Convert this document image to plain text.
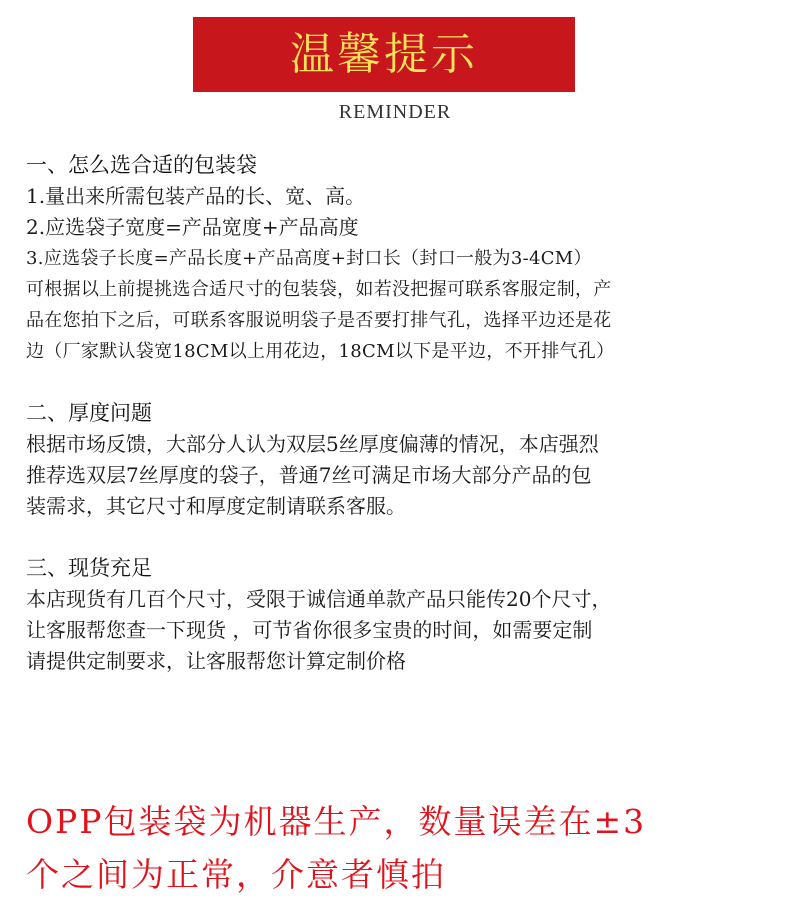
温馨提示
REMINDER
一、怎么选合适的包装袋
1.量出来所需包装产品的长、宽、高。
2.应选袋子宽度=产品宽度+产品高度
3.应选袋子长度=产品长度+产品高度+封口长（封口一般为3-4CM）
可根据以上前提挑选合适尺寸的包装袋，如若没把握可联系客服定制，产
品在您拍下之后，可联系客服说明袋子是否要打排气孔，选择平边还是花
边（厂家默认袋宽18CM以上用花边，18CM以下是平边，不开排气孔）
二、厚度问题
根据市场反馈，大部分人认为双层5丝厚度偏薄的情况，本店强烈
推荐选双层7丝厚度的袋子，普通7丝可满足市场大部分产品的包
装需求，其它尺寸和厚度定制请联系客服。
三、现货充足
本店现货有几百个尺寸，受限于诚信通单款产品只能传20个尺寸，
让客服帮您查一下现货 ，可节省你很多宝贵的时间，如需要定制
请提供定制要求，让客服帮您计算定制价格
OPP包装袋为机器生产，数量误差在±3
个之间为正常，介意者慎拍
